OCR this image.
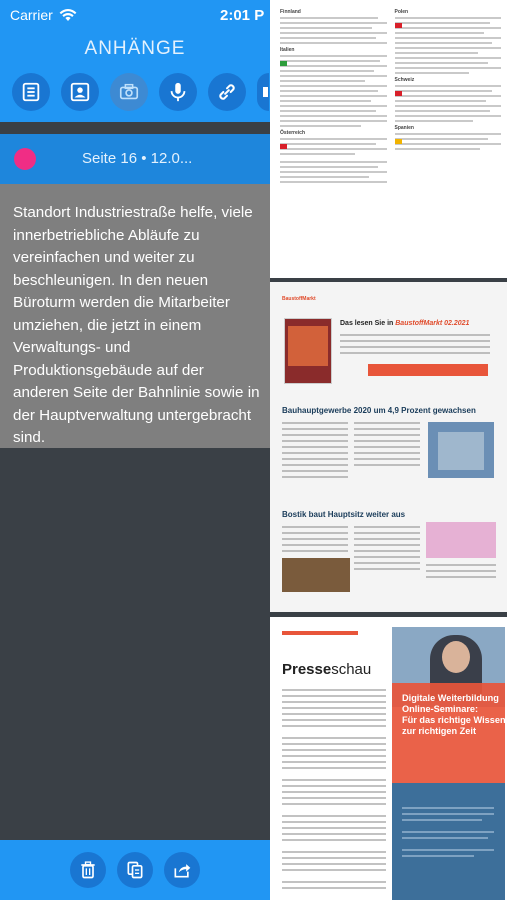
Carrier	2:01 P
ANHÄNGE
Seite 16 • 12.0...
Standort Industriestraße helfe, viele innerbetriebliche Abläufe zu vereinfachen und weiter zu beschleunigen. In den neuen Büroturm werden die Mitarbeiter umziehen, die jetzt in einem Verwaltungs- und Produktionsgebäude auf der anderen Seite der Bahnlinie sowie in der Hauptverwaltung untergebracht sind.
Finnland
Italien
Österreich
Polen
Schweiz
Spanien
BaustoffMarkt
Das lesen Sie in BaustoffMarkt 02.2021
Bauhauptgewerbe 2020 um 4,9 Prozent gewachsen
Bostik baut Hauptsitz weiter aus
Presseschau
Digitale Weiterbildung
Online-Seminare:
Für das richtige Wissen
zur richtigen Zeit
